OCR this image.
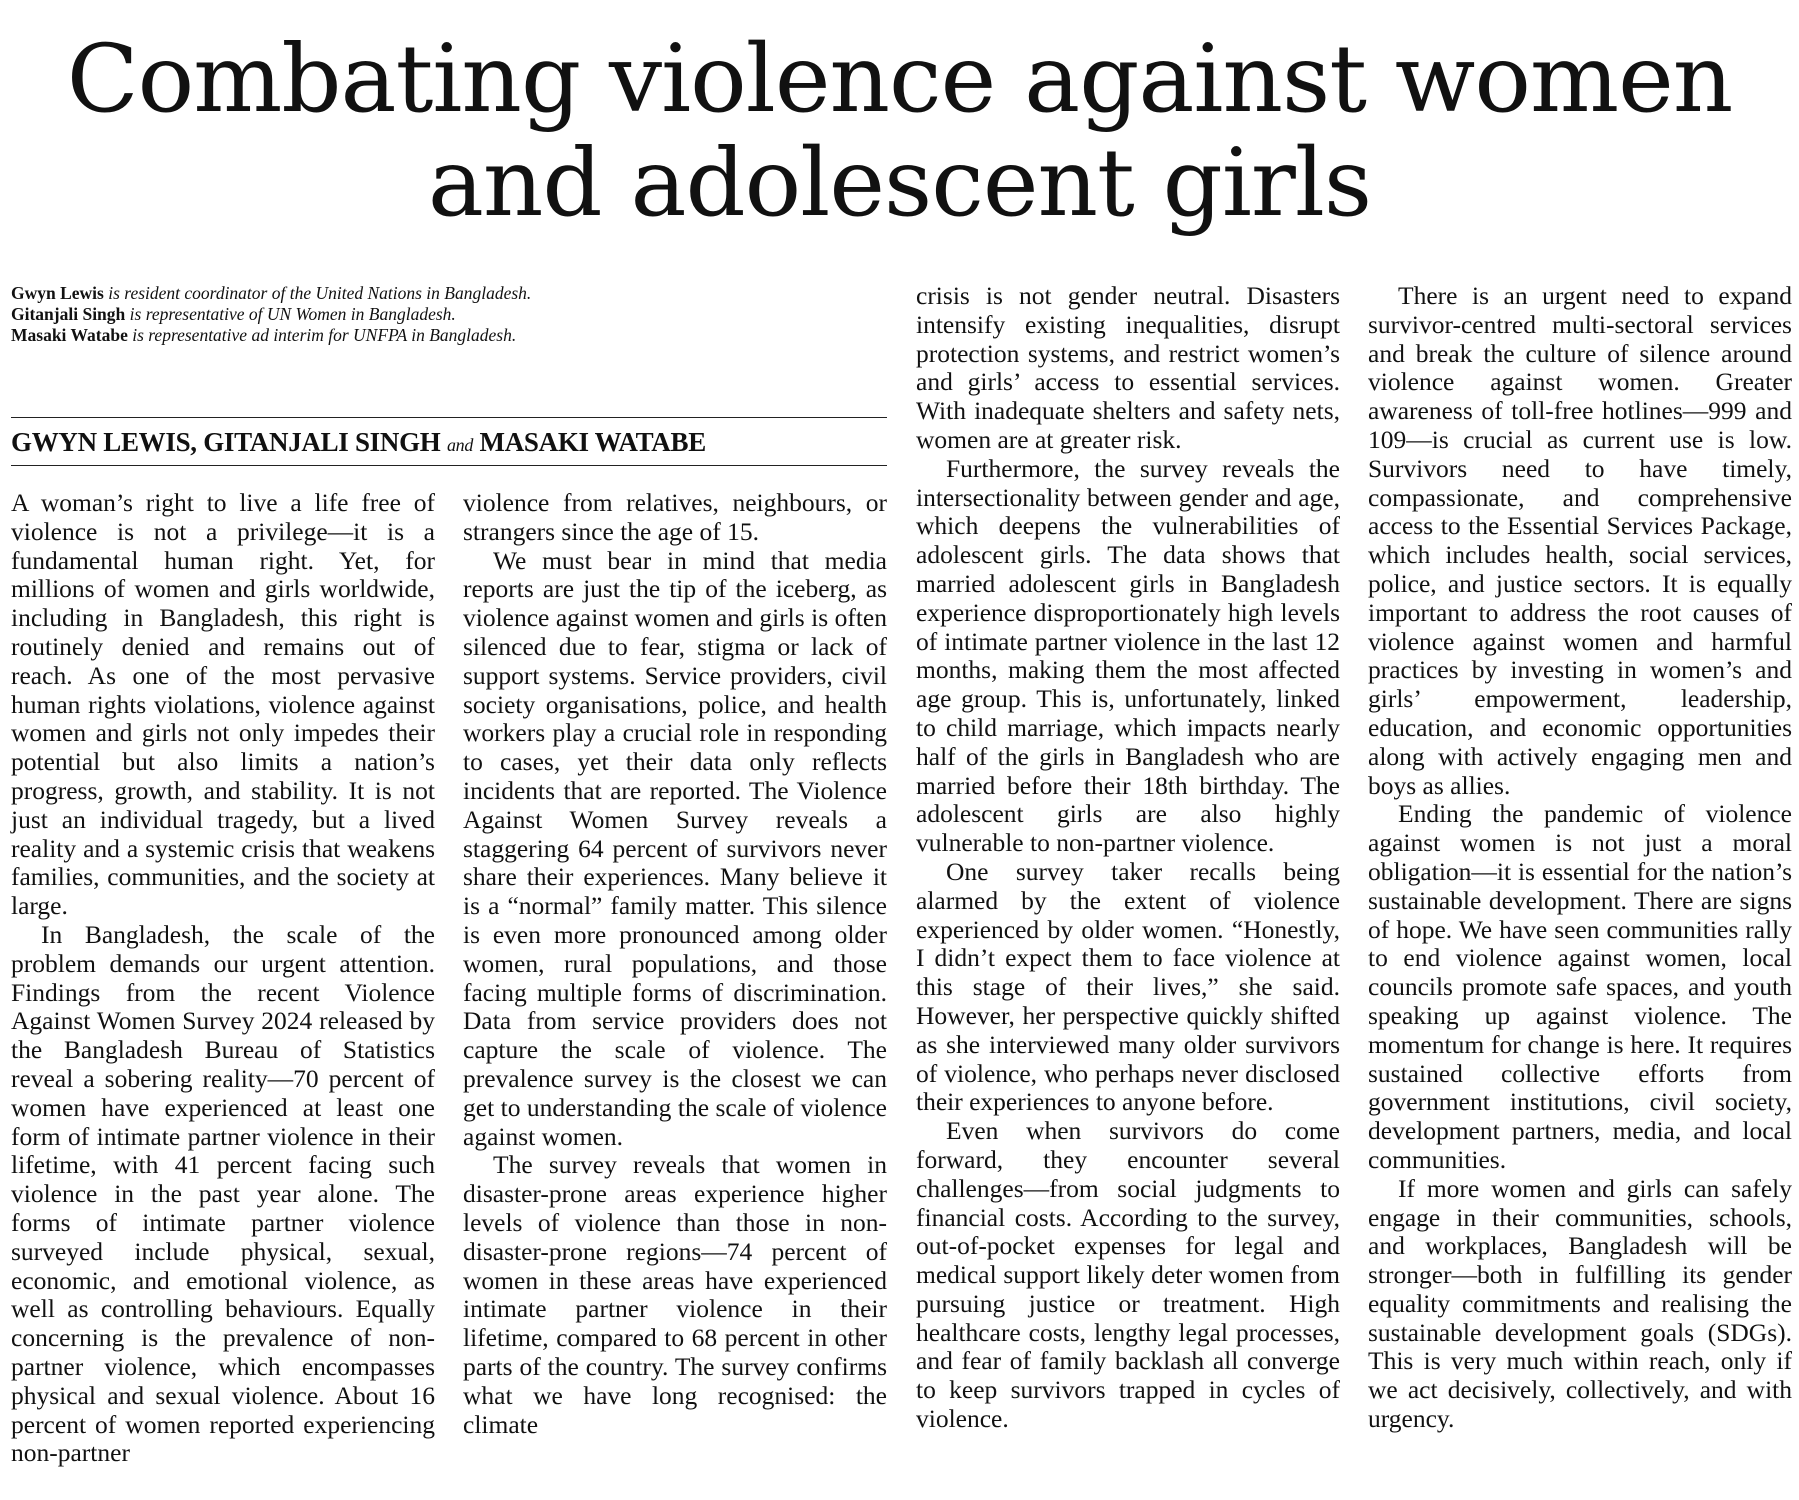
Combating violence against women
and adolescent girls
Gwyn Lewis is resident coordinator of the United Nations in Bangladesh.
Gitanjali Singh is representative of UN Women in Bangladesh.
Masaki Watabe is representative ad interim for UNFPA in Bangladesh.
GWYN LEWIS, GITANJALI SINGH and MASAKI WATABE

A woman’s right to live a life free of violence is not a privilege—it is a fundamental human right. Yet, for millions of women and girls worldwide, including in Bangladesh, this right is routinely denied and remains out of reach. As one of the most pervasive human rights violations, violence against women and girls not only impedes their potential but also limits a nation’s progress, growth, and stability. It is not just an individual tragedy, but a lived reality and a systemic crisis that weakens families, communities, and the society at large.

In Bangladesh, the scale of the problem demands our urgent attention. Findings from the recent Violence Against Women Survey 2024 released by the Bangladesh Bureau of Statistics reveal a sobering reality—70 percent of women have experienced at least one form of intimate partner violence in their lifetime, with 41 percent facing such violence in the past year alone. The forms of intimate partner violence surveyed include physical, sexual, economic, and emotional violence, as well as controlling behaviours. Equally concerning is the prevalence of non-partner violence, which encompasses physical and sexual violence. About 16 percent of women reported experiencing non-partner

violence from relatives, neighbours, or strangers since the age of 15.

We must bear in mind that media reports are just the tip of the iceberg, as violence against women and girls is often silenced due to fear, stigma or lack of support systems. Service providers, civil society organisations, police, and health workers play a crucial role in responding to cases, yet their data only reflects incidents that are reported. The Violence Against Women Survey reveals a staggering 64 percent of survivors never share their experiences. Many believe it is a “normal” family matter. This silence is even more pronounced among older women, rural populations, and those facing multiple forms of discrimination. Data from service providers does not capture the scale of violence. The prevalence survey is the closest we can get to understanding the scale of violence against women.

The survey reveals that women in disaster-prone areas experience higher levels of violence than those in non-disaster-prone regions—74 percent of women in these areas have experienced intimate partner violence in their lifetime, compared to 68 percent in other parts of the country. The survey confirms what we have long recognised: the climate

crisis is not gender neutral. Disasters intensify existing inequalities, disrupt protection systems, and restrict women’s and girls’ access to essential services. With inadequate shelters and safety nets, women are at greater risk.

Furthermore, the survey reveals the intersectionality between gender and age, which deepens the vulnerabilities of adolescent girls. The data shows that married adolescent girls in Bangladesh experience disproportionately high levels of intimate partner violence in the last 12 months, making them the most affected age group. This is, unfortunately, linked to child marriage, which impacts nearly half of the girls in Bangladesh who are married before their 18th birthday. The adolescent girls are also highly vulnerable to non-partner violence.

One survey taker recalls being alarmed by the extent of violence experienced by older women. “Honestly, I didn’t expect them to face violence at this stage of their lives,” she said. However, her perspective quickly shifted as she interviewed many older survivors of violence, who perhaps never disclosed their experiences to anyone before.

Even when survivors do come forward, they encounter several challenges—from social judgments to financial costs. According to the survey, out-of-pocket expenses for legal and medical support likely deter women from pursuing justice or treatment. High healthcare costs, lengthy legal processes, and fear of family backlash all converge to keep survivors trapped in cycles of violence.

There is an urgent need to expand survivor-centred multi-sectoral services and break the culture of silence around violence against women. Greater awareness of toll-free hotlines—999 and 109—is crucial as current use is low. Survivors need to have timely, compassionate, and comprehensive access to the Essential Services Package, which includes health, social services, police, and justice sectors. It is equally important to address the root causes of violence against women and harmful practices by investing in women’s and girls’ empowerment, leadership, education, and economic opportunities along with actively engaging men and boys as allies.

Ending the pandemic of violence against women is not just a moral obligation—it is essential for the nation’s sustainable development. There are signs of hope. We have seen communities rally to end violence against women, local councils promote safe spaces, and youth speaking up against violence. The momentum for change is here. It requires sustained collective efforts from government institutions, civil society, development partners, media, and local communities.

If more women and girls can safely engage in their communities, schools, and workplaces, Bangladesh will be stronger—both in fulfilling its gender equality commitments and realising the sustainable development goals (SDGs). This is very much within reach, only if we act decisively, collectively, and with urgency.
